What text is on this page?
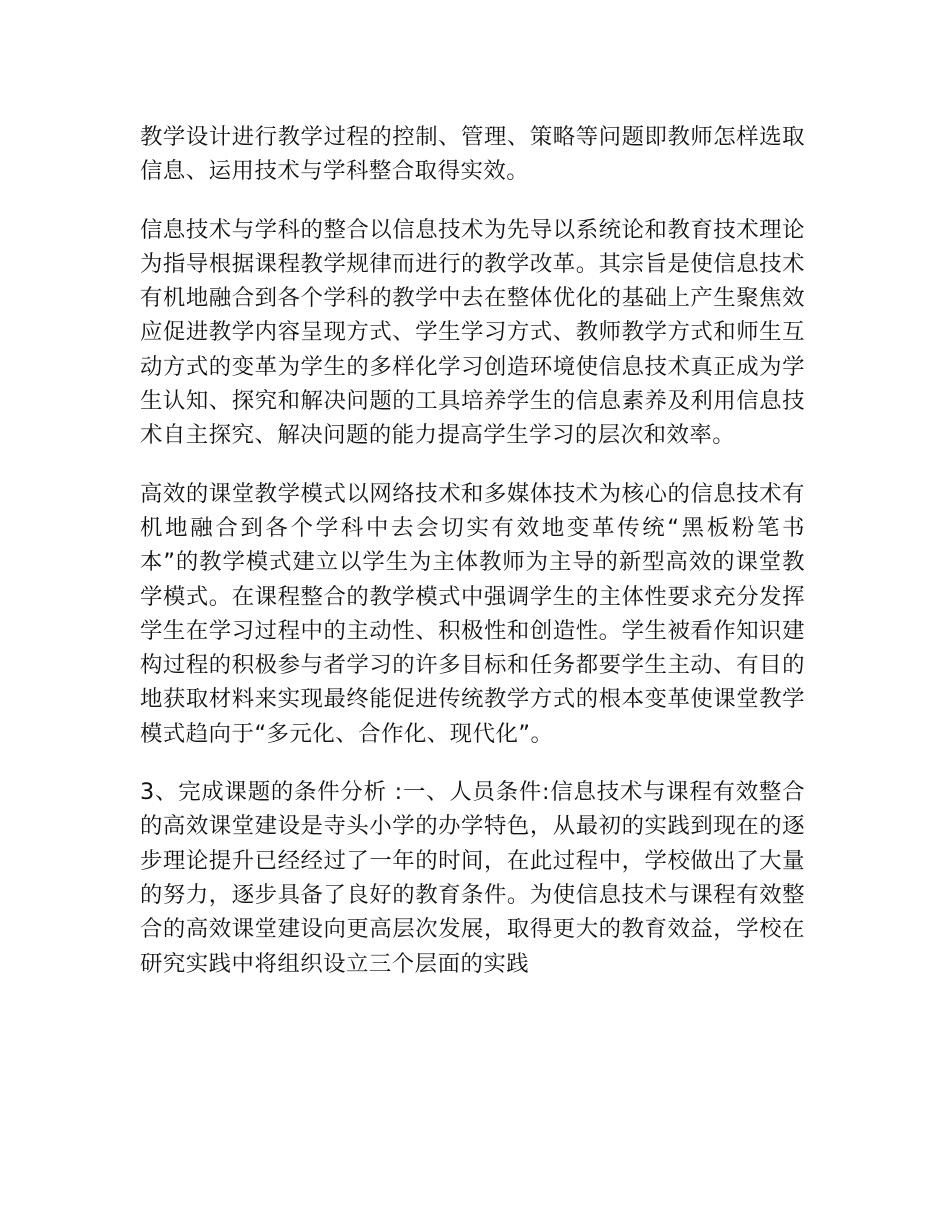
教学设计进行教学过程的控制、管理、策略等问题即教师怎样选取信息、运用技术与学科整合取得实效。

信息技术与学科的整合以信息技术为先导以系统论和教育技术理论为指导根据课程教学规律而进行的教学改革。其宗旨是使信息技术有机地融合到各个学科的教学中去在整体优化的基础上产生聚焦效应促进教学内容呈现方式、学生学习方式、教师教学方式和师生互动方式的变革为学生的多样化学习创造环境使信息技术真正成为学生认知、探究和解决问题的工具培养学生的信息素养及利用信息技术自主探究、解决问题的能力提高学生学习的层次和效率。

高效的课堂教学模式以网络技术和多媒体技术为核心的信息技术有机地融合到各个学科中去会切实有效地变革传统“黑板粉笔书本”的教学模式建立以学生为主体教师为主导的新型高效的课堂教学模式。在课程整合的教学模式中强调学生的主体性要求充分发挥学生在学习过程中的主动性、积极性和创造性。学生被看作知识建构过程的积极参与者学习的许多目标和任务都要学生主动、有目的地获取材料来实现最终能促进传统教学方式的根本变革使课堂教学模式趋向于“多元化、合作化、现代化”。

3、完成课题的条件分析 :一、人员条件:信息技术与课程有效整合的高效课堂建设是寺头小学的办学特色，从最初的实践到现在的逐步理论提升已经经过了一年的时间，在此过程中，学校做出了大量的努力，逐步具备了良好的教育条件。为使信息技术与课程有效整合的高效课堂建设向更高层次发展，取得更大的教育效益，学校在研究实践中将组织设立三个层面的实践
